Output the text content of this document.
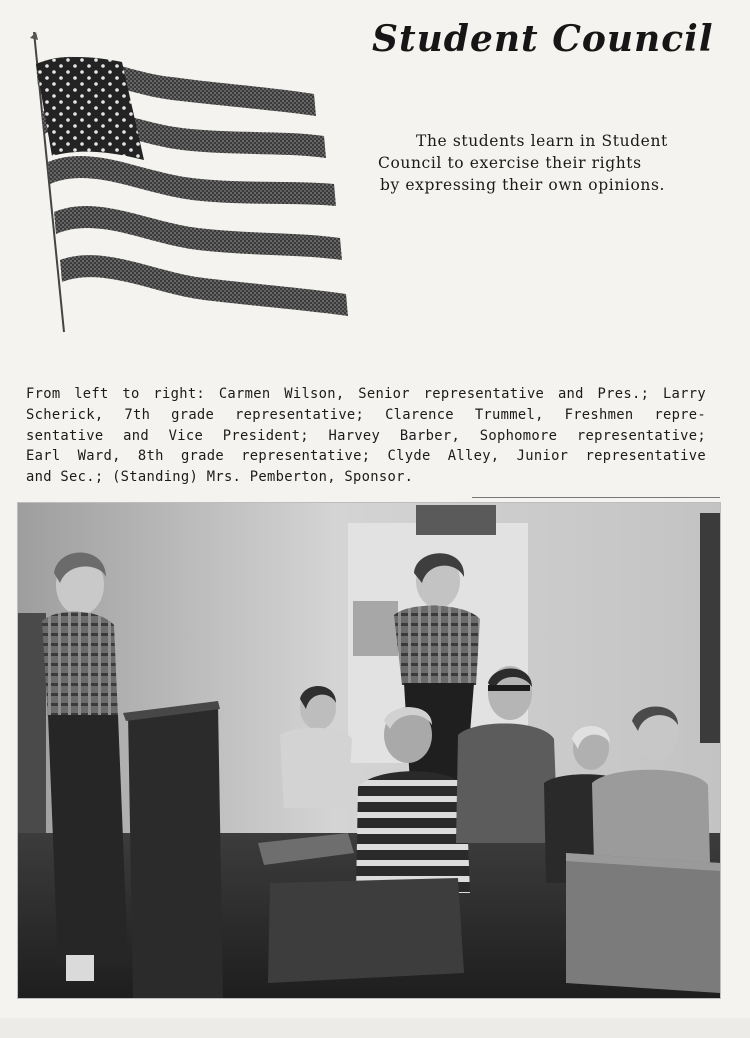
Student Council
The students learn in Student
Council to exercise their rights
by expressing their own opinions.
From left to right: Carmen Wilson, Senior representative and Pres.; Larry
Scherick, 7th grade representative; Clarence Trummel, Freshmen repre-
sentative and Vice President; Harvey Barber, Sophomore representative;
Earl Ward, 8th grade representative; Clyde Alley, Junior representative
and Sec.; (Standing) Mrs. Pemberton, Sponsor.
